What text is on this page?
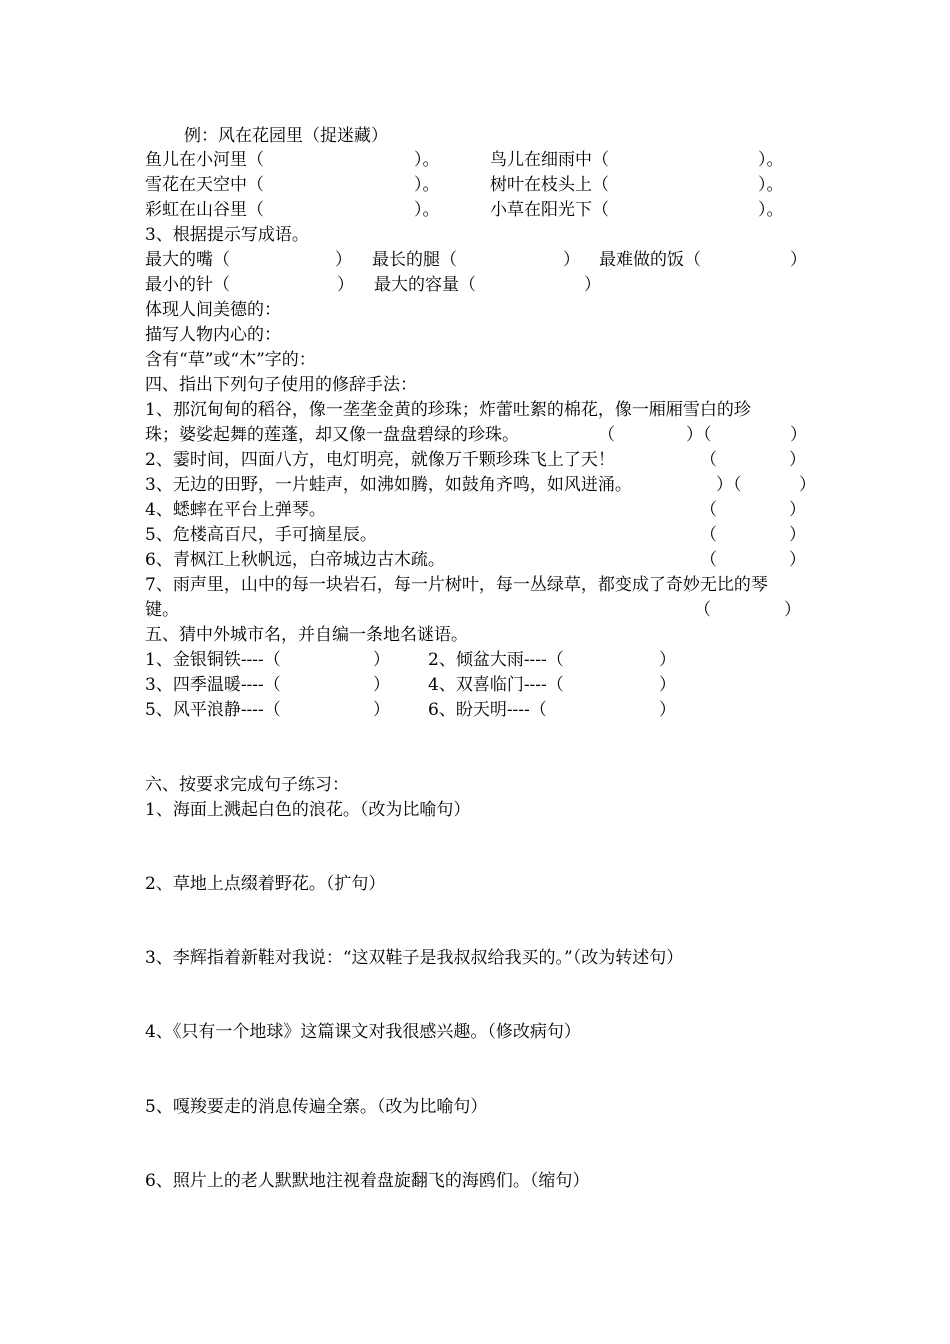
例：风在花园里（捉迷藏）
鱼儿在小河里（	）。	鸟儿在细雨中（	）。
雪花在天空中（	）。	树叶在枝头上（	）。
彩虹在山谷里（	）。	小草在阳光下（	）。
3、根据提示写成语。
最大的嘴（	） 最长的腿（	） 最难做的饭（	）
最小的针（	） 最大的容量（	）
体现人间美德的：
描写人物内心的：
含有“草”或“木”字的：
四、指出下列句子使用的修辞手法：
1、那沉甸甸的稻谷，像一垄垄金黄的珍珠；炸蕾吐絮的棉花，像一厢厢雪白的珍
珠；婆娑起舞的莲蓬，却又像一盘盘碧绿的珍珠。	（	）（	）
2、霎时间，四面八方，电灯明亮，就像万千颗珍珠飞上了天！	（	）
3、无边的田野，一片蛙声，如沸如腾，如鼓角齐鸣，如风迸涌。	）（	）
4、蟋蟀在平台上弹琴。	（	）
5、危楼高百尺，手可摘星辰。	（	）
6、青枫江上秋帆远，白帝城边古木疏。	（	）
7、雨声里，山中的每一块岩石，每一片树叶，每一丛绿草，都变成了奇妙无比的琴
键。	（	）
五、猜中外城市名，并自编一条地名谜语。
1、金银铜铁----（	） 2、倾盆大雨----（	）
3、四季温暖----（	） 4、双喜临门----（	）
5、风平浪静----（	） 6、盼天明----（	）
六、按要求完成句子练习：
1、海面上溅起白色的浪花。（改为比喻句）
2、草地上点缀着野花。（扩句）
3、李辉指着新鞋对我说：“这双鞋子是我叔叔给我买的。”（改为转述句）
4、《只有一个地球》这篇课文对我很感兴趣。（修改病句）
5、嘎羧要走的消息传遍全寨。（改为比喻句）
6、照片上的老人默默地注视着盘旋翻飞的海鸥们。（缩句）
